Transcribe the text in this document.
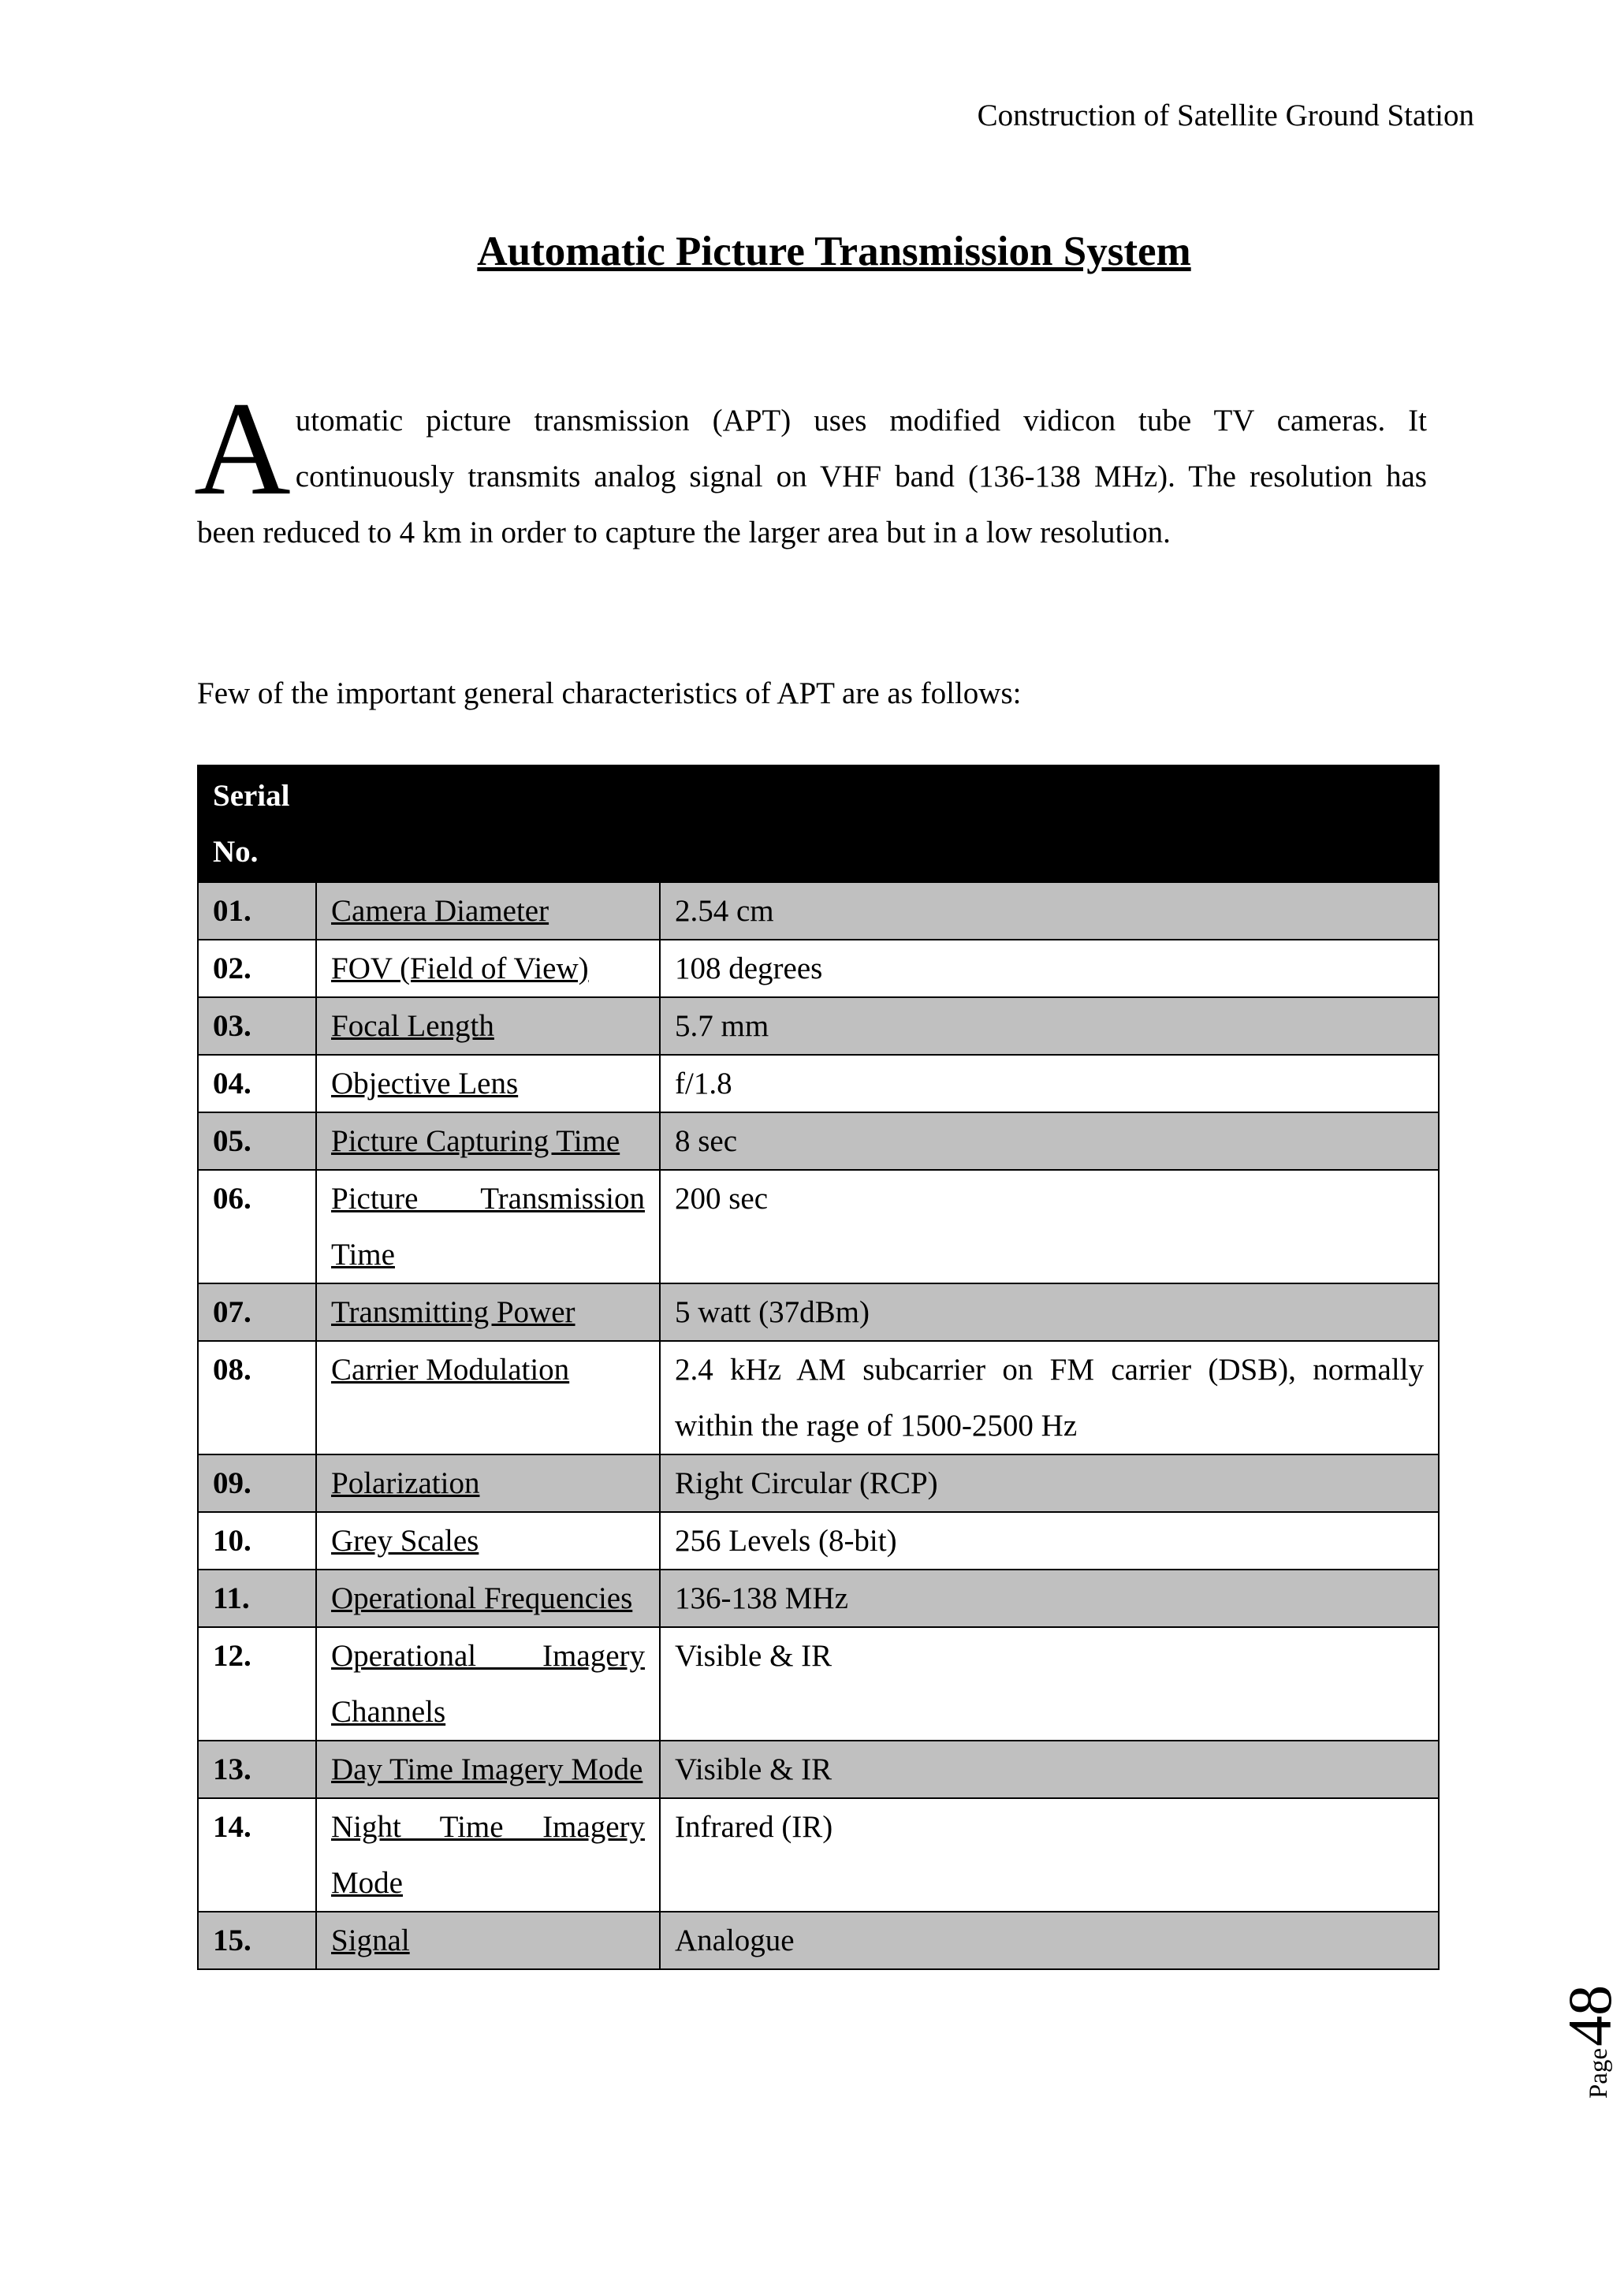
Construction of Satellite Ground Station
Automatic Picture Transmission System

Automatic picture transmission (APT) uses modified vidicon tube TV cameras. It continuously transmits analog signal on VHF band (136-138 MHz). The resolution has been reduced to 4 km in order to capture the larger area but in a low resolution.

Few of the important general characteristics of APT are as follows:

Serial No.		
01.	Camera Diameter	2.54 cm
02.	FOV (Field of View)	108 degrees
03.	Focal Length	5.7 mm
04.	Objective Lens	f/1.8
05.	Picture Capturing Time	8 sec
06.	Picture Transmission Time	200 sec
07.	Transmitting Power	5 watt (37dBm)
08.	Carrier Modulation	2.4 kHz AM subcarrier on FM carrier (DSB), normally within the rage of 1500-2500 Hz
09.	Polarization	Right Circular (RCP)
10.	Grey Scales	256 Levels (8-bit)
11.	Operational Frequencies	136-138 MHz
12.	Operational Imagery Channels	Visible & IR
13.	Day Time Imagery Mode	Visible & IR
14.	Night Time Imagery Mode	Infrared (IR)
15.	Signal	Analogue
Page
48
